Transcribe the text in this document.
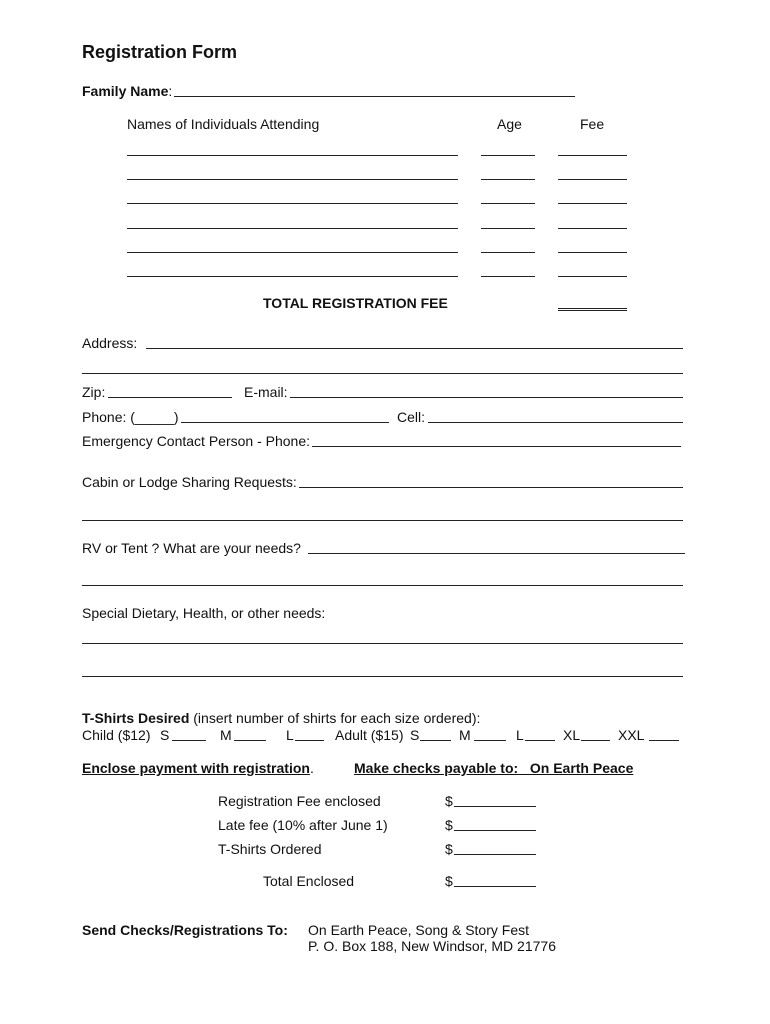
Registration Form
Family Name:
Names of Individuals Attending	Age	Fee
TOTAL REGISTRATION FEE
Address:
Zip:	E-mail:
Phone: (_____)	Cell:
Emergency Contact Person - Phone:
Cabin or Lodge Sharing Requests:
RV or Tent ? What are your needs?
Special Dietary, Health, or other needs:
T-Shirts Desired (insert number of shirts for each size ordered):
Child ($12) S	M	L	Adult ($15) S	M	L	XL	XXL
Enclose payment with registration.	Make checks payable to: On Earth Peace
Registration Fee enclosed	$
Late fee (10% after June 1)	$
T-Shirts Ordered	$
Total Enclosed	$
Send Checks/Registrations To: On Earth Peace, Song & Story Fest
P. O. Box 188, New Windsor, MD 21776
